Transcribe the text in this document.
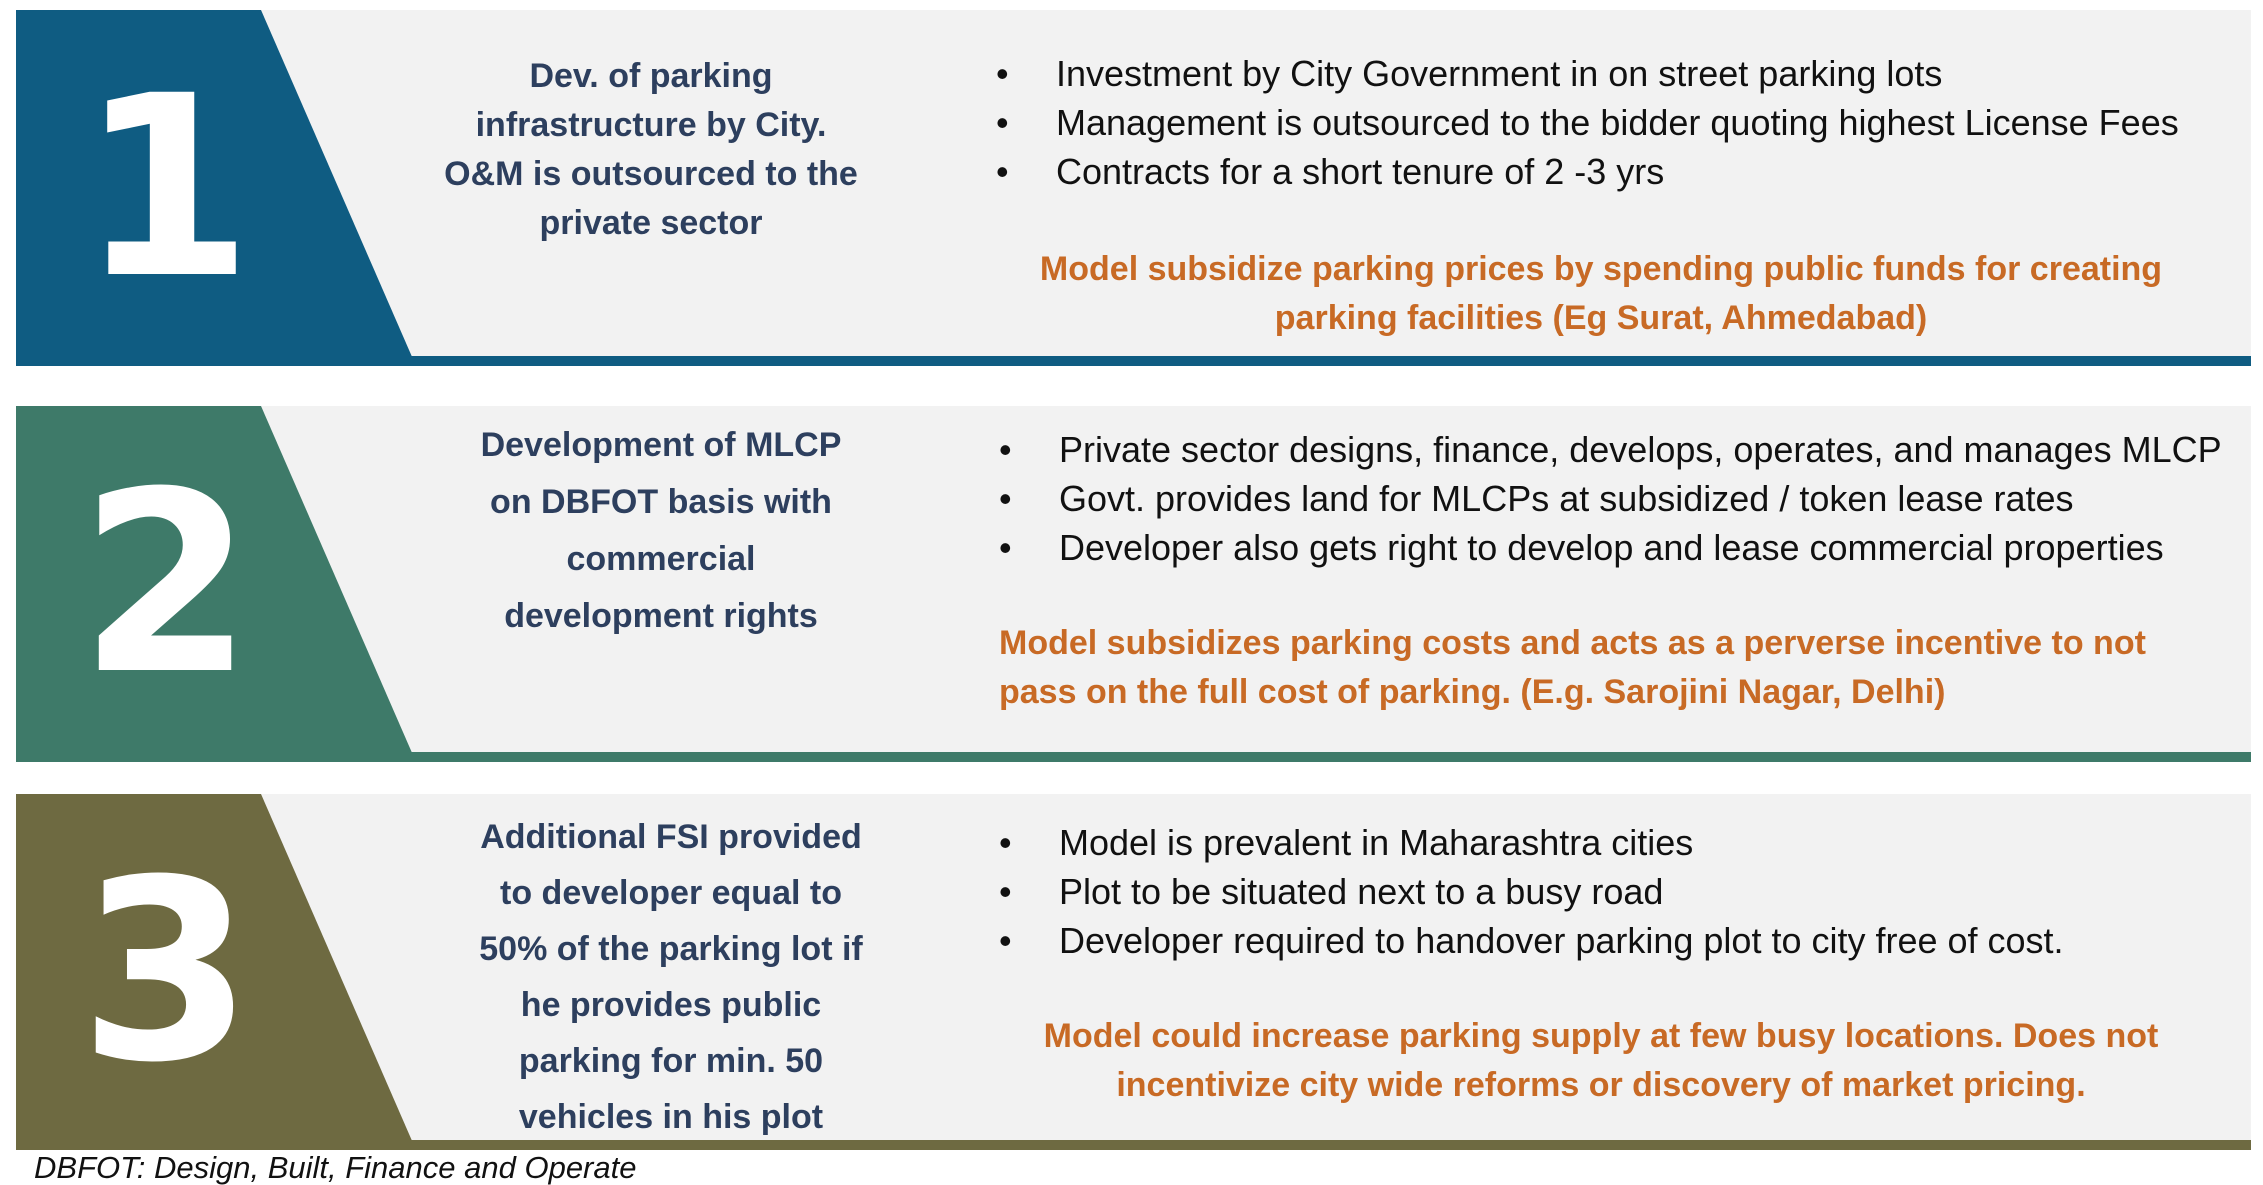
1	Dev. of parking
infrastructure by City.
O&M is outsourced to the
private sector
• Investment by City Government in on street parking lots
• Management is outsourced to the bidder quoting highest License Fees
• Contracts for a short tenure of 2 -3 yrs
Model subsidize parking prices by spending public funds for creating
parking facilities (Eg Surat, Ahmedabad)
2	Development of MLCP
on DBFOT basis with
commercial
development rights
• Private sector designs, finance, develops, operates, and manages MLCP
• Govt. provides land for MLCPs at subsidized / token lease rates
• Developer also gets right to develop and lease commercial properties
Model subsidizes parking costs and acts as a perverse incentive to not
pass on the full cost of parking. (E.g. Sarojini Nagar, Delhi)
3	Additional FSI provided
to developer equal to
50% of the parking lot if
he provides public
parking for min. 50
vehicles in his plot
• Model is prevalent in Maharashtra cities
• Plot to be situated next to a busy road
• Developer required to handover parking plot to city free of cost.
Model could increase parking supply at few busy locations. Does not
incentivize city wide reforms or discovery of market pricing.
DBFOT: Design, Built, Finance and Operate
